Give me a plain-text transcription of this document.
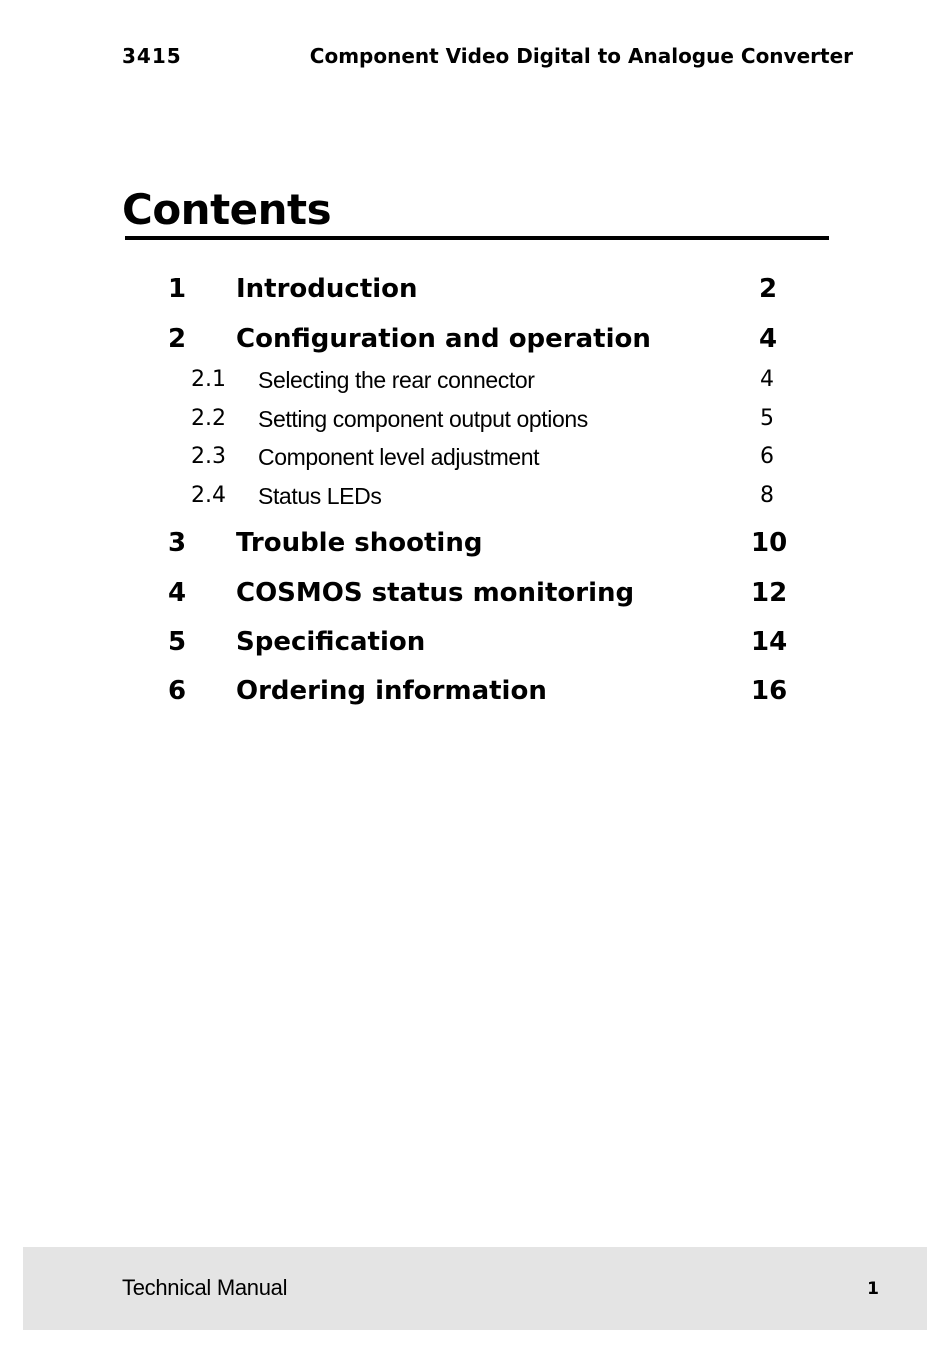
3415	Component Video Digital to Analogue Converter
Contents
1 Introduction	2
2 Configuration and operation	4
2.1 Selecting the rear connector	4
2.2 Setting component output options	5
2.3 Component level adjustment	6
2.4 Status LEDs	8
3 Trouble shooting	10
4 COSMOS status monitoring	12
5 Specification	14
6 Ordering information	16
Technical Manual	1
